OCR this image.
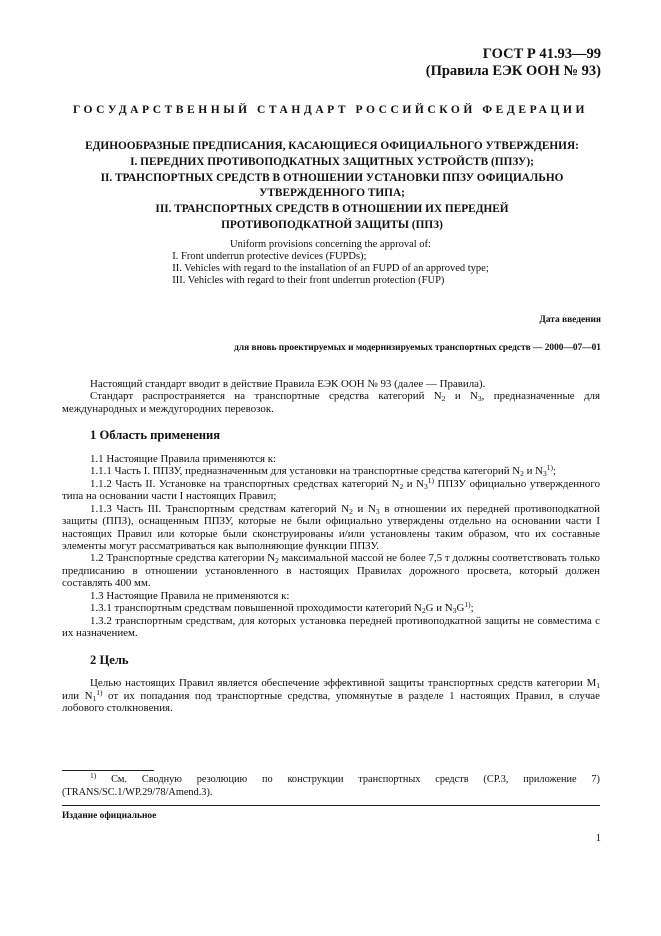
ГОСТ Р 41.93—99
(Правила ЕЭК ООН № 93)
ГОСУДАРСТВЕННЫЙ СТАНДАРТ РОССИЙСКОЙ ФЕДЕРАЦИИ
ЕДИНООБРАЗНЫЕ ПРЕДПИСАНИЯ, КАСАЮЩИЕСЯ ОФИЦИАЛЬНОГО УТВЕРЖДЕНИЯ:
I. ПЕРЕДНИХ ПРОТИВОПОДКАТНЫХ ЗАЩИТНЫХ УСТРОЙСТВ (ППЗУ);
II. ТРАНСПОРТНЫХ СРЕДСТВ В ОТНОШЕНИИ УСТАНОВКИ ППЗУ ОФИЦИАЛЬНО
УТВЕРЖДЕННОГО ТИПА;
III. ТРАНСПОРТНЫХ СРЕДСТВ В ОТНОШЕНИИ ИХ ПЕРЕДНЕЙ
ПРОТИВОПОДКАТНОЙ ЗАЩИТЫ (ППЗ)
Uniform provisions concerning the approval of:
I. Front underrun protective devices (FUPDs);
II. Vehicles with regard to the installation of an FUPD of an approved type;
III. Vehicles with regard to their front underrun protection (FUP)
Дата введения
для вновь проектируемых и модернизируемых транспортных средств — 2000—07—01

Настоящий стандарт вводит в действие Правила ЕЭК ООН № 93 (далее — Правила).

Стандарт распространяется на транспортные средства категорий $N_2$ и $N_3$, предназначенные для международных и междугородних перевозок.

1 Область применения

1.1 Настоящие Правила применяются к:

1.1.1 Часть I. ППЗУ, предназначенным для установки на транспортные средства категорий $N_2$ и $N_3^{1)}$;

1.1.2 Часть II. Установке на транспортных средствах категорий $N_2$ и $N_3^{1)}$ ППЗУ официально утвержденного типа на основании части I настоящих Правил;

1.1.3 Часть III. Транспортным средствам категорий $N_2$ и $N_3$ в отношении их передней противоподкатной защиты (ППЗ), оснащенным ППЗУ, которые не были официально утверждены отдельно на основании части I настоящих Правил или которые были сконструированы и/или установлены таким образом, что их составные элементы могут рассматриваться как выполняющие функции ППЗУ.

1.2 Транспортные средства категории $N_2$ максимальной массой не более 7,5 т должны соответствовать только предписанию в отношении установленного в настоящих Правилах дорожного просвета, который должен составлять 400 мм.

1.3 Настоящие Правила не применяются к:

1.3.1 транспортным средствам повышенной проходимости категорий $N_2G$ и $N_3G^{1)}$;

1.3.2 транспортным средствам, для которых установка передней противоподкатной защиты не совместима с их назначением.

2 Цель

Целью настоящих Правил является обеспечение эффективной защиты транспортных средств категории $M_1$ или $N_1^{1)}$ от их попадания под транспортные средства, упомянутые в разделе 1 настоящих Правил, в случае лобового столкновения.

$^{1)}$ См. Сводную резолюцию по конструкции транспортных средств (СР.3, приложение 7) (TRANS/SC.1/WP.29/78/Amend.3).
Издание официальное
1
